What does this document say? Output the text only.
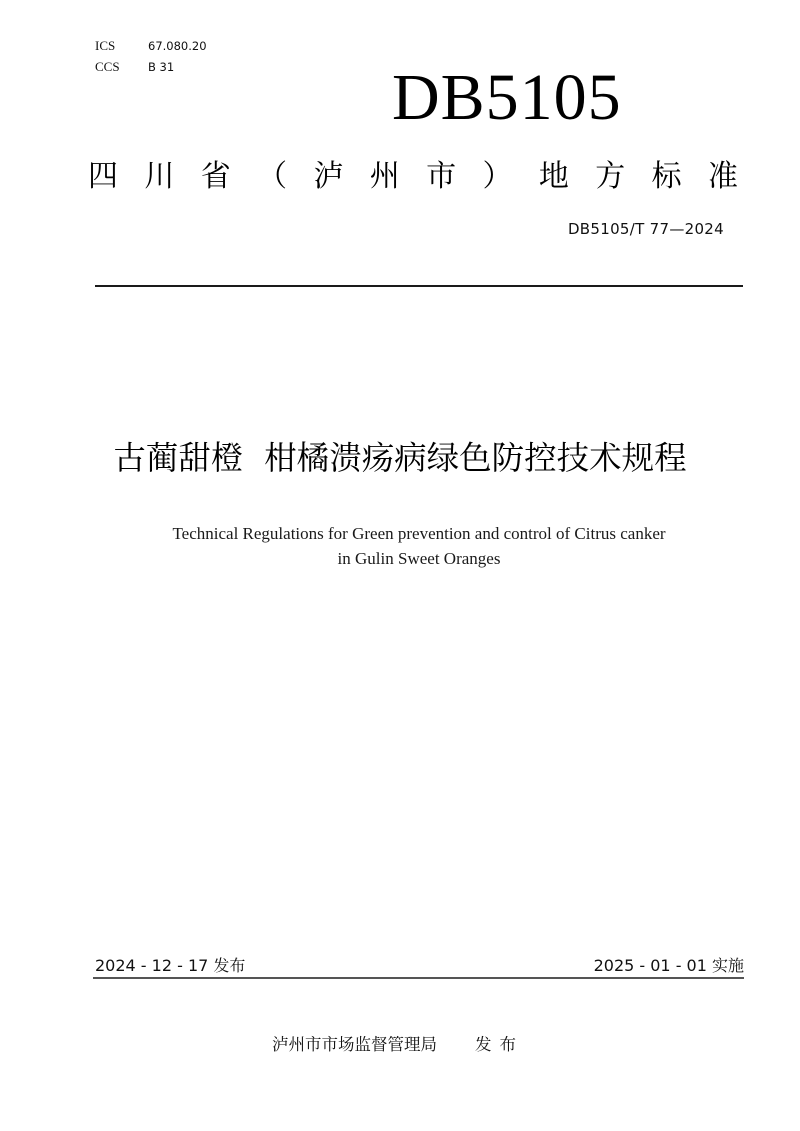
ICS	67.080.20
CCS	B 31	DB5105
四 川 省 （ 泸 州 市 ） 地 方 标 准
DB5105/T 77—2024
古蔺甜橙  柑橘溃疡病绿色防控技术规程
Technical Regulations for Green prevention and control of Citrus canker
in Gulin Sweet Oranges
2024 - 12 - 17 发布	2025 - 01 - 01 实施
泸州市市场监督管理局 发布
